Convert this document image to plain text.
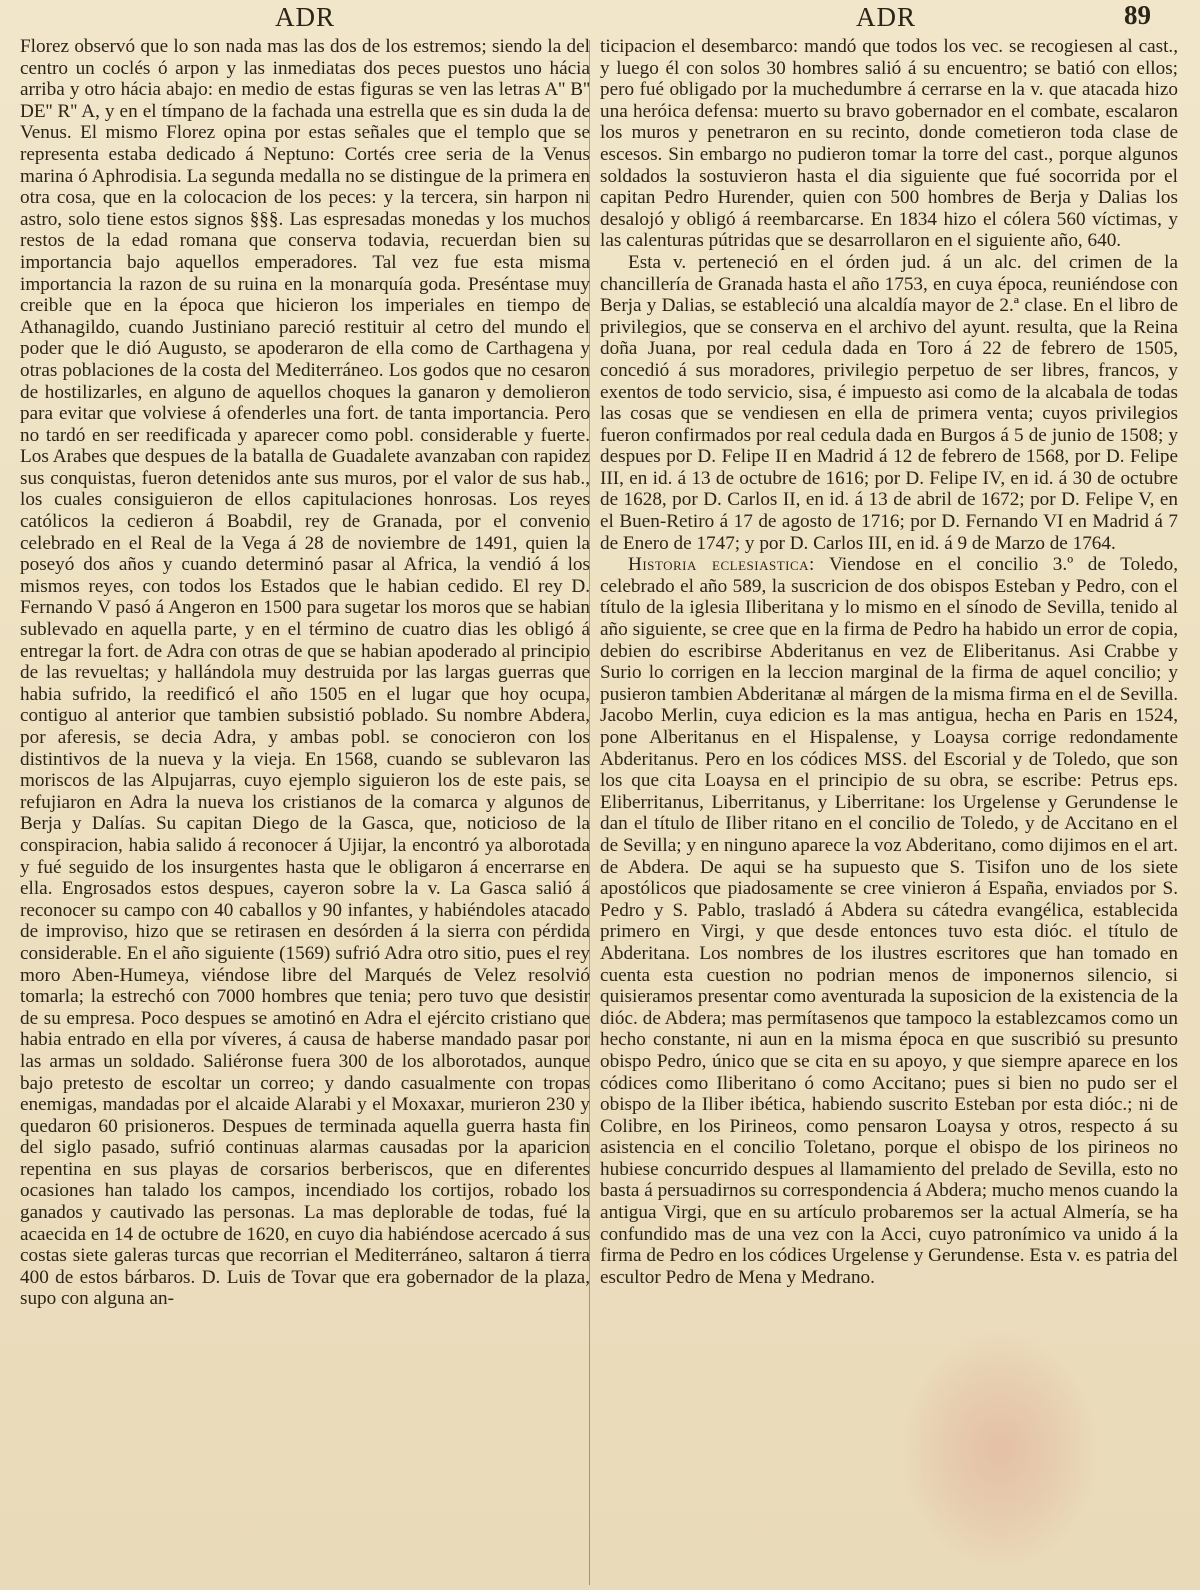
ADR	ADR	89

Florez observó que lo son nada mas las dos de los estremos; siendo la del centro un coclés ó arpon y las inmediatas dos peces puestos uno hácia arriba y otro hácia abajo: en medio de estas figuras se ven las letras A'' B'' DE'' R'' A, y en el tímpano de la fachada una estrella que es sin duda la de Venus. El mismo Florez opina por estas señales que el templo que se representa estaba dedicado á Neptuno: Cortés cree seria de la Venus marina ó Aphrodisia. La segunda medalla no se distingue de la primera en otra cosa, que en la colocacion de los peces: y la tercera, sin harpon ni astro, solo tiene estos signos §§§. Las espresadas monedas y los muchos restos de la edad romana que conserva todavia, recuerdan bien su importancia bajo aquellos emperadores. Tal vez fue esta misma importancia la razon de su ruina en la monarquía goda. Preséntase muy creible que en la época que hicieron los imperiales en tiempo de Athanagildo, cuando Justiniano pareció restituir al cetro del mundo el poder que le dió Augusto, se apoderaron de ella como de Carthagena y otras poblaciones de la costa del Mediterráneo. Los godos que no cesaron de hostilizarles, en alguno de aquellos choques la ganaron y demolieron para evitar que volviese á ofenderles una fort. de tanta importancia. Pero no tardó en ser reedificada y aparecer como pobl. considerable y fuerte. Los Arabes que despues de la batalla de Guadalete avanzaban con rapidez sus conquistas, fueron detenidos ante sus muros, por el valor de sus hab., los cuales consiguieron de ellos capitulaciones honrosas. Los reyes católicos la cedieron á Boabdil, rey de Granada, por el convenio celebrado en el Real de la Vega á 28 de noviembre de 1491, quien la poseyó dos años y cuando determinó pasar al Africa, la vendió á los mismos reyes, con todos los Estados que le habian cedido. El rey D. Fernando V pasó á Angeron en 1500 para sugetar los moros que se habian sublevado en aquella parte, y en el término de cuatro dias les obligó á entregar la fort. de Adra con otras de que se habian apoderado al principio de las revueltas; y hallándola muy destruida por las largas guerras que habia sufrido, la reedificó el año 1505 en el lugar que hoy ocupa, contiguo al anterior que tambien subsistió poblado. Su nombre Abdera, por aferesis, se decia Adra, y ambas pobl. se conocieron con los distintivos de la nueva y la vieja. En 1568, cuando se sublevaron las moriscos de las Alpujarras, cuyo ejemplo siguieron los de este pais, se refujiaron en Adra la nueva los cristianos de la comarca y algunos de Berja y Dalías. Su capitan Diego de la Gasca, que, noticioso de la conspiracion, habia salido á reconocer á Ujijar, la encontró ya alborotada y fué seguido de los insurgentes hasta que le obligaron á encerrarse en ella. Engrosados estos despues, cayeron sobre la v. La Gasca salió á reconocer su campo con 40 caballos y 90 infantes, y habiéndoles atacado de improviso, hizo que se retirasen en desórden á la sierra con pérdida considerable. En el año siguiente (1569) sufrió Adra otro sitio, pues el rey moro Aben-Humeya, viéndose libre del Marqués de Velez resolvió tomarla; la estrechó con 7000 hombres que tenia; pero tuvo que desistir de su empresa. Poco despues se amotinó en Adra el ejército cristiano que habia entrado en ella por víveres, á causa de haberse mandado pasar por las armas un soldado. Saliéronse fuera 300 de los alborotados, aunque bajo pretesto de escoltar un correo; y dando casualmente con tropas enemigas, mandadas por el alcaide Alarabi y el Moxaxar, murieron 230 y quedaron 60 prisioneros. Despues de terminada aquella guerra hasta fin del siglo pasado, sufrió continuas alarmas causadas por la aparicion repentina en sus playas de corsarios berberiscos, que en diferentes ocasiones han talado los campos, incendiado los cortijos, robado los ganados y cautivado las personas. La mas deplorable de todas, fué la acaecida en 14 de octubre de 1620, en cuyo dia habiéndose acercado á sus costas siete galeras turcas que recorrian el Mediterráneo, saltaron á tierra 400 de estos bárbaros. D. Luis de Tovar que era gobernador de la plaza, supo con alguna an-

ticipacion el desembarco: mandó que todos los vec. se recogiesen al cast., y luego él con solos 30 hombres salió á su encuentro; se batió con ellos; pero fué obligado por la muchedumbre á cerrarse en la v. que atacada hizo una heróica defensa: muerto su bravo gobernador en el combate, escalaron los muros y penetraron en su recinto, donde cometieron toda clase de escesos. Sin embargo no pudieron tomar la torre del cast., porque algunos soldados la sostuvieron hasta el dia siguiente que fué socorrida por el capitan Pedro Hurender, quien con 500 hombres de Berja y Dalias los desalojó y obligó á reembarcarse. En 1834 hizo el cólera 560 víctimas, y las calenturas pútridas que se desarrollaron en el siguiente año, 640.

Esta v. perteneció en el órden jud. á un alc. del crimen de la chancillería de Granada hasta el año 1753, en cuya época, reuniéndose con Berja y Dalias, se estableció una alcaldía mayor de 2.ª clase. En el libro de privilegios, que se conserva en el archivo del ayunt. resulta, que la Reina doña Juana, por real cedula dada en Toro á 22 de febrero de 1505, concedió á sus moradores, privilegio perpetuo de ser libres, francos, y exentos de todo servicio, sisa, é impuesto asi como de la alcabala de todas las cosas que se vendiesen en ella de primera venta; cuyos privilegios fueron confirmados por real cedula dada en Burgos á 5 de junio de 1508; y despues por D. Felipe II en Madrid á 12 de febrero de 1568, por D. Felipe III, en id. á 13 de octubre de 1616; por D. Felipe IV, en id. á 30 de octubre de 1628, por D. Carlos II, en id. á 13 de abril de 1672; por D. Felipe V, en el Buen-Retiro á 17 de agosto de 1716; por D. Fernando VI en Madrid á 7 de Enero de 1747; y por D. Carlos III, en id. á 9 de Marzo de 1764.

Historia eclesiastica: Viendose en el concilio 3.º de Toledo, celebrado el año 589, la suscricion de dos obispos Esteban y Pedro, con el título de la iglesia Iliberitana y lo mismo en el sínodo de Sevilla, tenido al año siguiente, se cree que en la firma de Pedro ha habido un error de copia, debien do escribirse Abderitanus en vez de Eliberitanus. Asi Crabbe y Surio lo corrigen en la leccion marginal de la firma de aquel concilio; y pusieron tambien Abderitanæ al márgen de la misma firma en el de Sevilla. Jacobo Merlin, cuya edicion es la mas antigua, hecha en Paris en 1524, pone Alberitanus en el Hispalense, y Loaysa corrige redondamente Abderitanus. Pero en los códices MSS. del Escorial y de Toledo, que son los que cita Loaysa en el principio de su obra, se escribe: Petrus eps. Eliberritanus, Liberritanus, y Liberritane: los Urgelense y Gerundense le dan el título de Iliber ritano en el concilio de Toledo, y de Accitano en el de Sevilla; y en ninguno aparece la voz Abderitano, como dijimos en el art. de Abdera. De aqui se ha supuesto que S. Tisifon uno de los siete apostólicos que piadosamente se cree vinieron á España, enviados por S. Pedro y S. Pablo, trasladó á Abdera su cátedra evangélica, establecida primero en Virgi, y que desde entonces tuvo esta dióc. el título de Abderitana. Los nombres de los ilustres escritores que han tomado en cuenta esta cuestion no podrian menos de imponernos silencio, si quisieramos presentar como aventurada la suposicion de la existencia de la dióc. de Abdera; mas permítasenos que tampoco la establezcamos como un hecho constante, ni aun en la misma época en que suscribió su presunto obispo Pedro, único que se cita en su apoyo, y que siempre aparece en los códices como Iliberitano ó como Accitano; pues si bien no pudo ser el obispo de la Iliber ibética, habiendo suscrito Esteban por esta dióc.; ni de Colibre, en los Pirineos, como pensaron Loaysa y otros, respecto á su asistencia en el concilio Toletano, porque el obispo de los pirineos no hubiese concurrido despues al llamamiento del prelado de Sevilla, esto no basta á persuadirnos su correspondencia á Abdera; mucho menos cuando la antigua Virgi, que en su artículo probaremos ser la actual Almería, se ha confundido mas de una vez con la Acci, cuyo patronímico va unido á la firma de Pedro en los códices Urgelense y Gerundense. Esta v. es patria del escultor Pedro de Mena y Medrano.
